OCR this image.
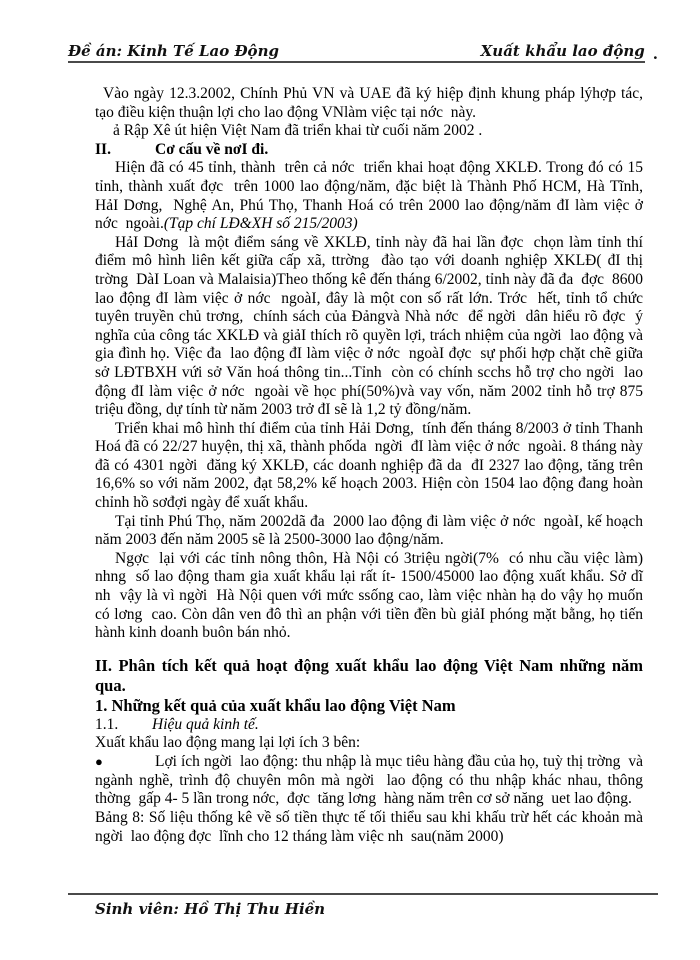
Đề án: Kinh Tế Lao Động	Xuất khẩu lao động .
Vào ngày 12.3.2002, Chính Phủ VN và UAE đã ký hiệp định khung pháp lýhợp tác, tạo điều kiện thuận lợi cho lao động VNlàm việc tại nớc  này.
ả Rập Xê út hiện Việt Nam đã triển khai từ cuối năm 2002 .
II.	Cơ cấu về nơI đi.
Hiện đã có 45 tỉnh, thành  trên cả nớc  triển khai hoạt động XKLĐ. Trong đó có 15 tỉnh, thành xuất đợc  trên 1000 lao động/năm, đặc biệt là Thành Phố HCM, Hà Tĩnh, HảI Dơng,  Nghệ An, Phú Thọ, Thanh Hoá có trên 2000 lao động/năm đI làm việc ở nớc  ngoài.(Tạp chí LĐ&XH số 215/2003)
HảI Dơng  là một điểm sáng về XKLĐ, tỉnh này đã hai lần đợc  chọn làm tỉnh thí điểm mô hình liên kết giữa cấp xã, ttrờng  đào tạo với doanh nghiệp XKLĐ( đI thị trờng  DàI Loan và Malaisia)Theo thống kê đến tháng 6/2002, tỉnh này đã đa  đợc  8600 lao động đI làm việc ở nớc  ngoàI, đây là một con số rất lớn. Trớc  hết, tỉnh tổ chức tuyên truyền chủ trơng,  chính sách của Đảngvà Nhà nớc  để ngời  dân hiểu rõ đợc  ý nghĩa của công tác XKLĐ và giảI thích rõ quyền lợi, trách nhiệm của ngời  lao động và gia đình họ. Việc đa  lao động đI làm việc ở nớc  ngoàI đợc  sự phối hợp chặt chẽ giữa sở LĐTBXH vứi sở Văn hoá thông tin...Tỉnh  còn có chính scchs hỗ trợ cho ngời  lao động đI làm việc ở nớc  ngoài về học phí(50%)và vay vốn, năm 2002 tỉnh hỗ trợ 875 triệu đồng, dự tính từ năm 2003 trở đI sẽ là 1,2 tỷ đồng/năm.
Triển khai mô hình thí điểm của tỉnh Hải Dơng,  tính đến tháng 8/2003 ở tỉnh Thanh Hoá đã có 22/27 huyện, thị xã, thành phốda  ngời  đI làm việc ở nớc  ngoài. 8 tháng này đã có 4301 ngời  đăng ký XKLĐ, các doanh nghiệp đã da  đI 2327 lao động, tăng trên 16,6% so với năm 2002, đạt 58,2% kế hoạch 2003. Hiện còn 1504 lao động đang hoàn chỉnh hồ sơđợi ngày để xuất khẩu.
Tại tỉnh Phú Thọ, năm 2002dã đa  2000 lao động đi làm việc ở nớc  ngoàI, kế hoạch năm 2003 đến năm 2005 sẽ là 2500-3000 lao động/năm.
Ngợc  lại với các tỉnh nông thôn, Hà Nội có 3triệu ngời(7%  có nhu cầu việc làm) nhng  số lao động tham gia xuất khẩu lại rất ít- 1500/45000 lao động xuất khẩu. Sở dĩ nh  vậy là vì ngời  Hà Nội quen với mức ssống cao, làm việc nhàn hạ do vậy họ muốn có lơng  cao. Còn dân ven đô thì an phận với tiền đền bù giảI phóng mặt bằng, họ tiến hành kinh doanh buôn bán nhỏ.
II. Phân tích kết quả hoạt động xuất khẩu lao động Việt Nam những năm qua.
1. Những kết quả của xuất khẩu lao động Việt Nam
1.1. Hiệu quả kinh tế.
Xuất khẩu lao động mang lại lợi ích 3 bên:
●	Lợi ích ngời  lao động: thu nhập là mục tiêu hàng đầu của họ, tuỳ thị trờng  và ngành nghề, trình độ chuyên môn mà ngời  lao động có thu nhập khác nhau, thông thờng  gấp 4- 5 lần trong nớc,  đợc  tăng lơng  hàng năm trên cơ sở năng  uet lao động.
Bảng 8: Số liệu thống kê về số tiền thực tế tối thiểu sau khi khấu trừ hết các khoản mà ngời  lao động đợc  lĩnh cho 12 tháng làm việc nh  sau(năm 2000)
Sinh viên: Hồ Thị Thu Hiền
